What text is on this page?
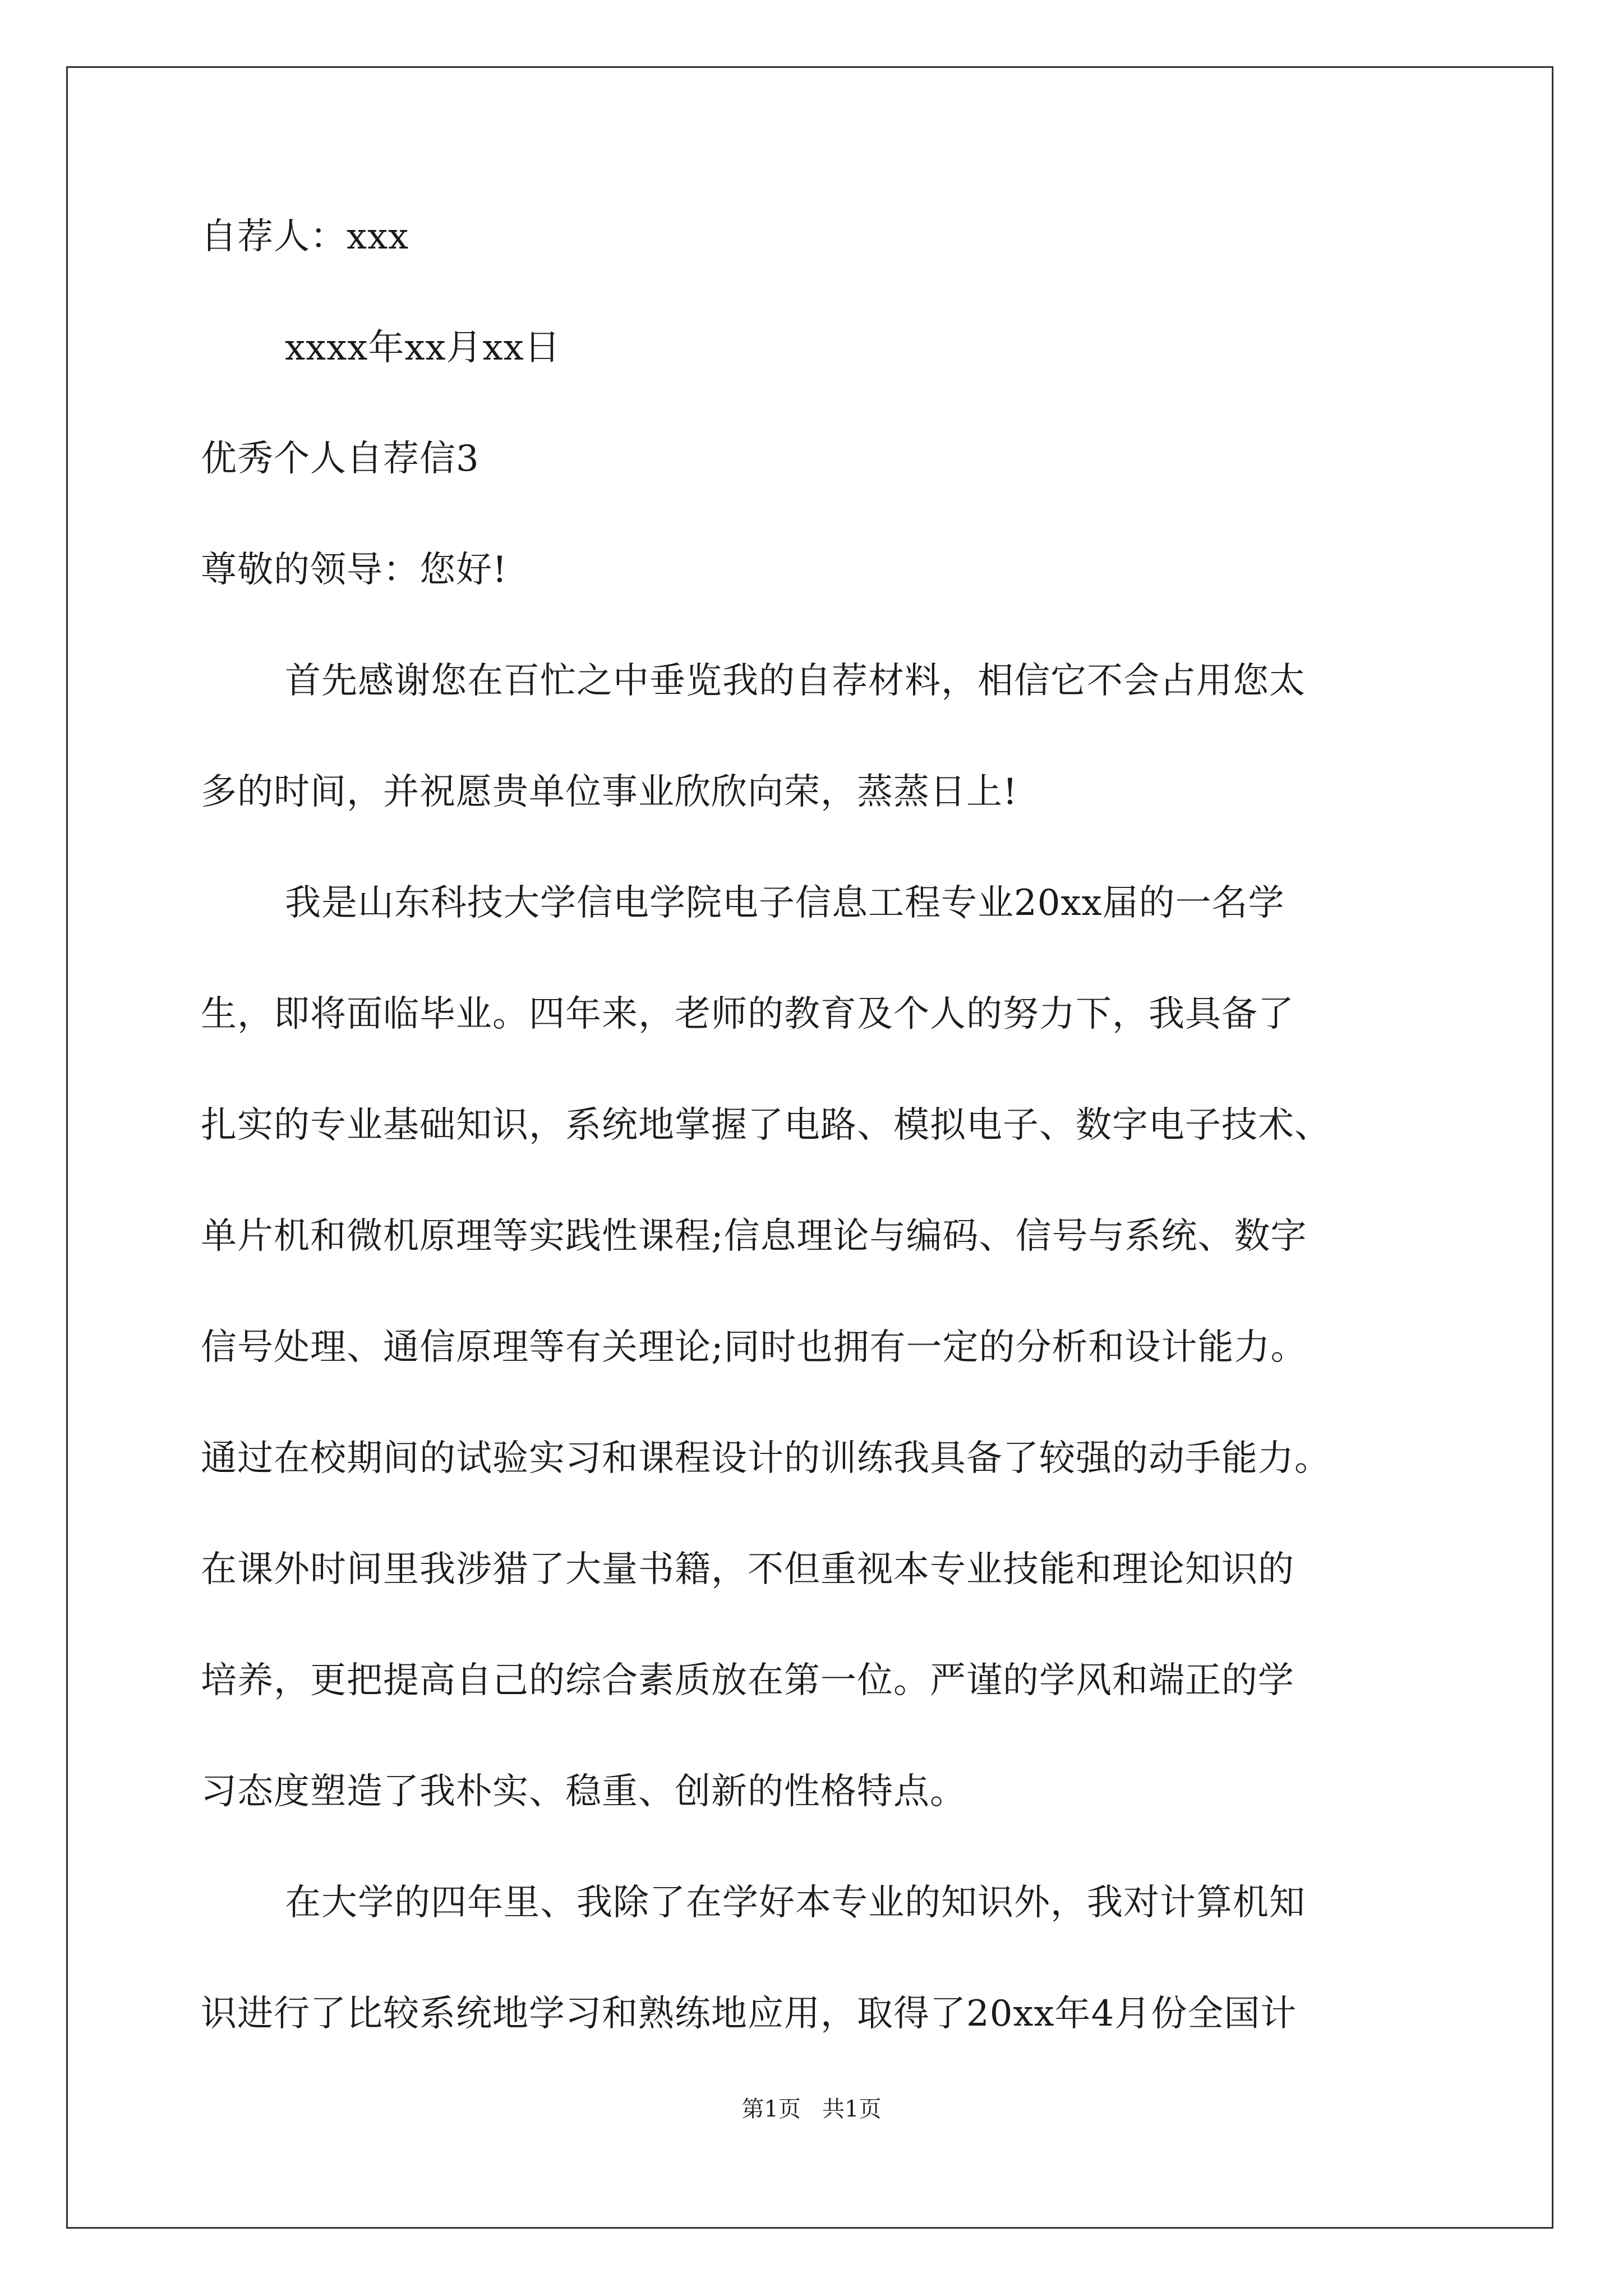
自荐人：xxx

xxxx年xx月xx日

优秀个人自荐信3

尊敬的领导：您好!

首先感谢您在百忙之中垂览我的自荐材料，相信它不会占用您太

多的时间，并祝愿贵单位事业欣欣向荣，蒸蒸日上!

我是山东科技大学信电学院电子信息工程专业20xx届的一名学

生，即将面临毕业。四年来，老师的教育及个人的努力下，我具备了

扎实的专业基础知识，系统地掌握了电路、模拟电子、数字电子技术、

单片机和微机原理等实践性课程;信息理论与编码、信号与系统、数字

信号处理、通信原理等有关理论;同时也拥有一定的分析和设计能力。

通过在校期间的试验实习和课程设计的训练我具备了较强的动手能力。

在课外时间里我涉猎了大量书籍，不但重视本专业技能和理论知识的

培养，更把提高自己的综合素质放在第一位。严谨的学风和端正的学

习态度塑造了我朴实、稳重、创新的性格特点。

在大学的四年里、我除了在学好本专业的知识外，我对计算机知

识进行了比较系统地学习和熟练地应用，取得了20xx年4月份全国计

第1页   共1页
